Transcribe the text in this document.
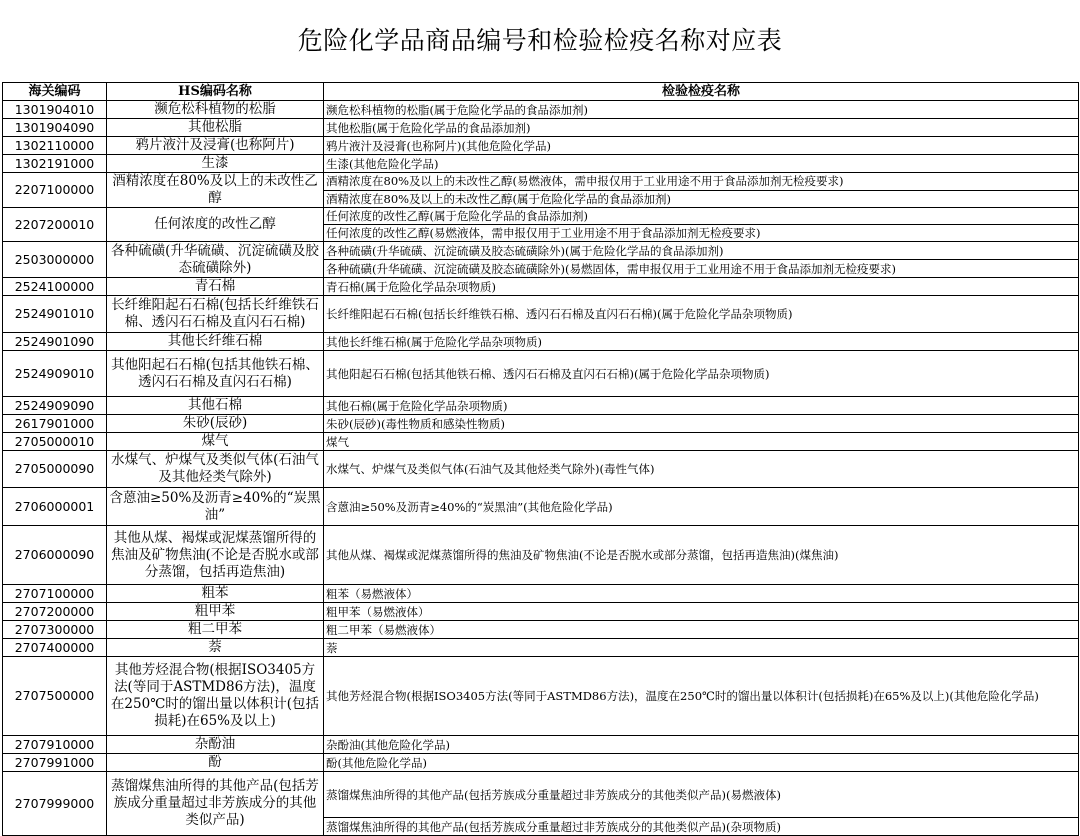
危险化学品商品编号和检验检疫名称对应表
海关编码	HS编码名称	检验检疫名称
1301904010	濒危松科植物的松脂	濒危松科植物的松脂(属于危险化学品的食品添加剂)
1301904090	其他松脂	其他松脂(属于危险化学品的食品添加剂)
1302110000	鸦片液汁及浸膏(也称阿片)	鸦片液汁及浸膏(也称阿片)(其他危险化学品)
1302191000	生漆	生漆(其他危险化学品)
2207100000	酒精浓度在80%及以上的未改性乙醇	酒精浓度在80%及以上的未改性乙醇(易燃液体，需申报仅用于工业用途不用于食品添加剂无检疫要求)
		酒精浓度在80%及以上的未改性乙醇(属于危险化学品的食品添加剂)
2207200010	任何浓度的改性乙醇	任何浓度的改性乙醇(属于危险化学品的食品添加剂)
		任何浓度的改性乙醇(易燃液体，需申报仅用于工业用途不用于食品添加剂无检疫要求)
2503000000	各种硫磺(升华硫磺、沉淀硫磺及胶态硫磺除外)	各种硫磺(升华硫磺、沉淀硫磺及胶态硫磺除外)(属于危险化学品的食品添加剂)
		各种硫磺(升华硫磺、沉淀硫磺及胶态硫磺除外)(易燃固体，需申报仅用于工业用途不用于食品添加剂无检疫要求)
2524100000	青石棉	青石棉(属于危险化学品杂项物质)
2524901010	长纤维阳起石石棉(包括长纤维铁石棉、透闪石石棉及直闪石石棉)	长纤维阳起石石棉(包括长纤维铁石棉、透闪石石棉及直闪石石棉)(属于危险化学品杂项物质)
2524901090	其他长纤维石棉	其他长纤维石棉(属于危险化学品杂项物质)
2524909010	其他阳起石石棉(包括其他铁石棉、透闪石石棉及直闪石石棉)	其他阳起石石棉(包括其他铁石棉、透闪石石棉及直闪石石棉)(属于危险化学品杂项物质)
2524909090	其他石棉	其他石棉(属于危险化学品杂项物质)
2617901000	朱砂(辰砂)	朱砂(辰砂)(毒性物质和感染性物质)
2705000010	煤气	煤气
2705000090	水煤气、炉煤气及类似气体(石油气及其他烃类气除外)	水煤气、炉煤气及类似气体(石油气及其他烃类气除外)(毒性气体)
2706000001	含蒽油≥50%及沥青≥40%的“炭黑油”	含蒽油≥50%及沥青≥40%的“炭黑油”(其他危险化学品)
2706000090	其他从煤、褐煤或泥煤蒸馏所得的焦油及矿物焦油(不论是否脱水或部分蒸馏，包括再造焦油)	其他从煤、褐煤或泥煤蒸馏所得的焦油及矿物焦油(不论是否脱水或部分蒸馏，包括再造焦油)(煤焦油)
2707100000	粗苯	粗苯（易燃液体）
2707200000	粗甲苯	粗甲苯（易燃液体）
2707300000	粗二甲苯	粗二甲苯（易燃液体）
2707400000	萘	萘
2707500000	其他芳烃混合物(根据ISO3405方法(等同于ASTMD86方法)，温度在250℃时的馏出量以体积计(包括损耗)在65%及以上)	其他芳烃混合物(根据ISO3405方法(等同于ASTMD86方法)，温度在250℃时的馏出量以体积计(包括损耗)在65%及以上)(其他危险化学品)
2707910000	杂酚油	杂酚油(其他危险化学品)
2707991000	酚	酚(其他危险化学品)
2707999000	蒸馏煤焦油所得的其他产品(包括芳族成分重量超过非芳族成分的其他类似产品)	蒸馏煤焦油所得的其他产品(包括芳族成分重量超过非芳族成分的其他类似产品)(易燃液体)
		蒸馏煤焦油所得的其他产品(包括芳族成分重量超过非芳族成分的其他类似产品)(杂项物质)
